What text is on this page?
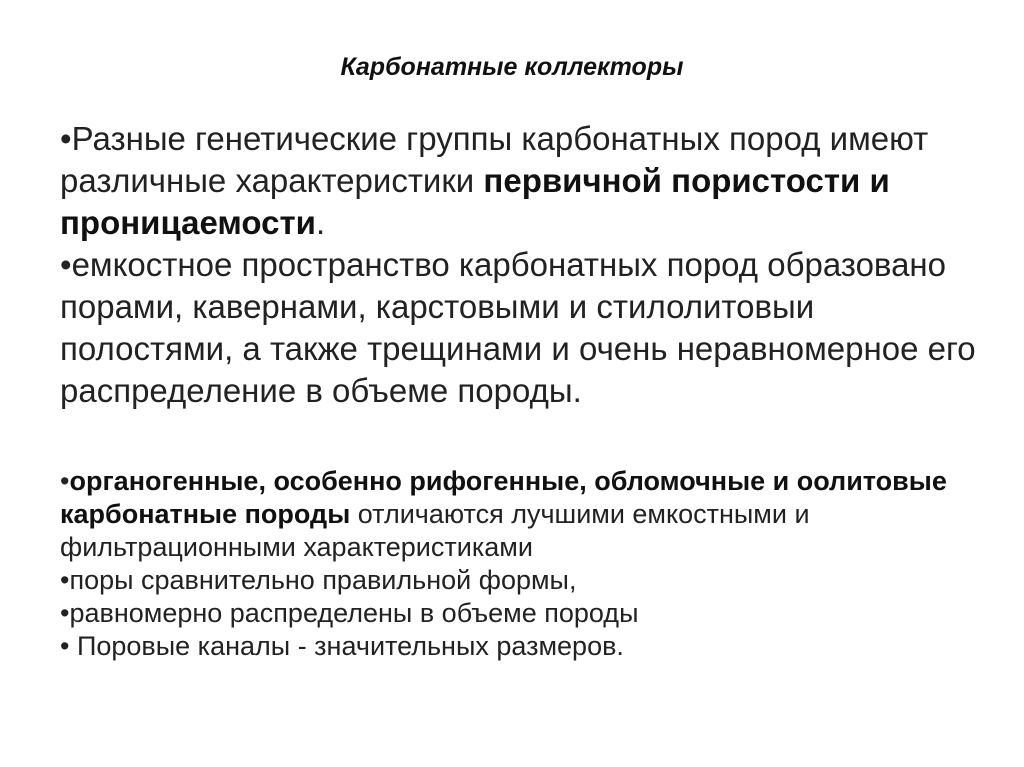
Карбонатные коллекторы

•Разные генетические группы карбонатных пород имеют различные характеристики первичной пористости и проницаемости.

•емкостное пространство карбонатных пород образовано порами, кавернами, карстовыми и стилолитовыи полостями, а также трещинами и очень неравномерное его распределение в объеме породы.

•органогенные, особенно рифогенные, обломочные и оолитовые карбонатные породы отличаются лучшими емкостными и фильтрационными характеристиками

•поры сравнительно правильной формы,

•равномерно распределены в объеме породы

• Поровые каналы - значительных размеров.
